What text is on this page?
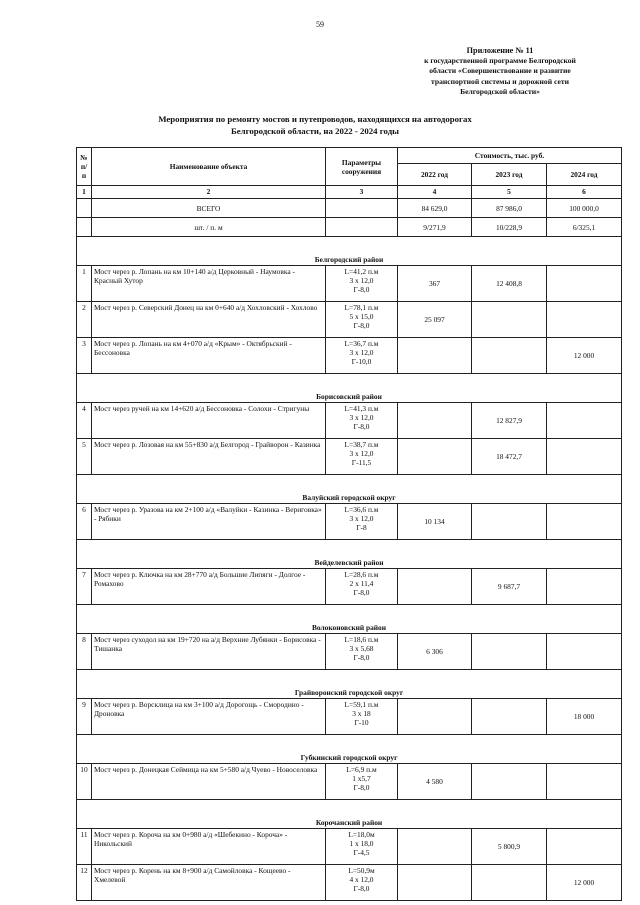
59
Приложение № 11
к государственной программе Белгородской
области «Совершенствование и развитие
транспортной системы и дорожной сети
Белгородской области»
Мероприятия по ремонту мостов и путепроводов, находящихся на автодорогах
Белгородской области, на 2022 - 2024 годы
№ п/п	Наименование объекта	Параметры сооружения	Стоимость, тыс. руб.		
			2022 год	2023 год	2024 год
1	2	3	4	5	6
	ВСЕГО		84 629,0	87 986,0	100 000,0
	шт. / п. м		9/271,9	10/228,9	6/325,1
Белгородский район					
1	Мост через р. Лопань на км 10+140 а/д Церковный - Наумовка - Красный Хутор	L=41,2 п.м
3 х 12,0
Г-8,0	367	12 408,8	
2	Мост через р. Северский Донец на км 0+640 а/д Хохловский - Хохлово	L=78,1 п.м
5 х 15,0
Г-8,0	25 097		
3	Мост через р. Лопань на км 4+070 а/д «Крым» - Октябрьский - Бессоновка	L=36,7 п.м
3 х 12,0
Г-10,0			12 000
Борисовский район					
4	Мост через ручей на км 14+620 а/д Бессоновка - Солохи - Стригуны	L=41,3 п.м
3 х 12,0
Г-8,0		12 827,9	
5	Мост через р. Лозовая на км 55+830 а/д Белгород - Грайворон - Казинка	L=38,7 п.м
3 х 12,0
Г-11,5		18 472,7	
Валуйский городской округ					
6	Мост через р. Уразова на км 2+100 а/д «Валуйки - Казинка - Вериговка» - Рябики	L=36,6 п.м
3 х 12,0
Г-8	10 134		
Вейделевский район					
7	Мост через р. Ключка на км 28+770 а/д Большие Липяги - Долгое - Ромахово	L=28,6 п.м
2 х 11,4
Г-8,0		9 687,7	
Волоконовский район					
8	Мост через суходол на км 19+720 на а/д Верхние Лубянки - Борисовка - Тишанка	L=18,6 п.м
3 х 5,68
Г-8,0	6 306		
Грайворонский городской округ					
9	Мост через р. Ворсклица на км 3+100 а/д Дорогощь - Смородино - Дроновка	L=59,1 п.м
3 х 18
Г-10			18 000
Губкинский городской округ					
10	Мост через р. Донецкая Сеймица на км 5+580 а/д Чуево - Новоселовка	L=6,9 п.м
1 х5,7
Г-8,0	4 580		
Корочанский район					
11	Мост через р. Короча на км 0+980 а/д «Шебекино - Короча» - Никольский	L=18,0м
1 х 18,0
Г-4,5		5 800,9	
12	Мост через р. Корень на км 8+900 а/д Самойловка - Кощеево - Хмелевой	L=50,9м
4 х 12,0
Г-8,0			12 000
